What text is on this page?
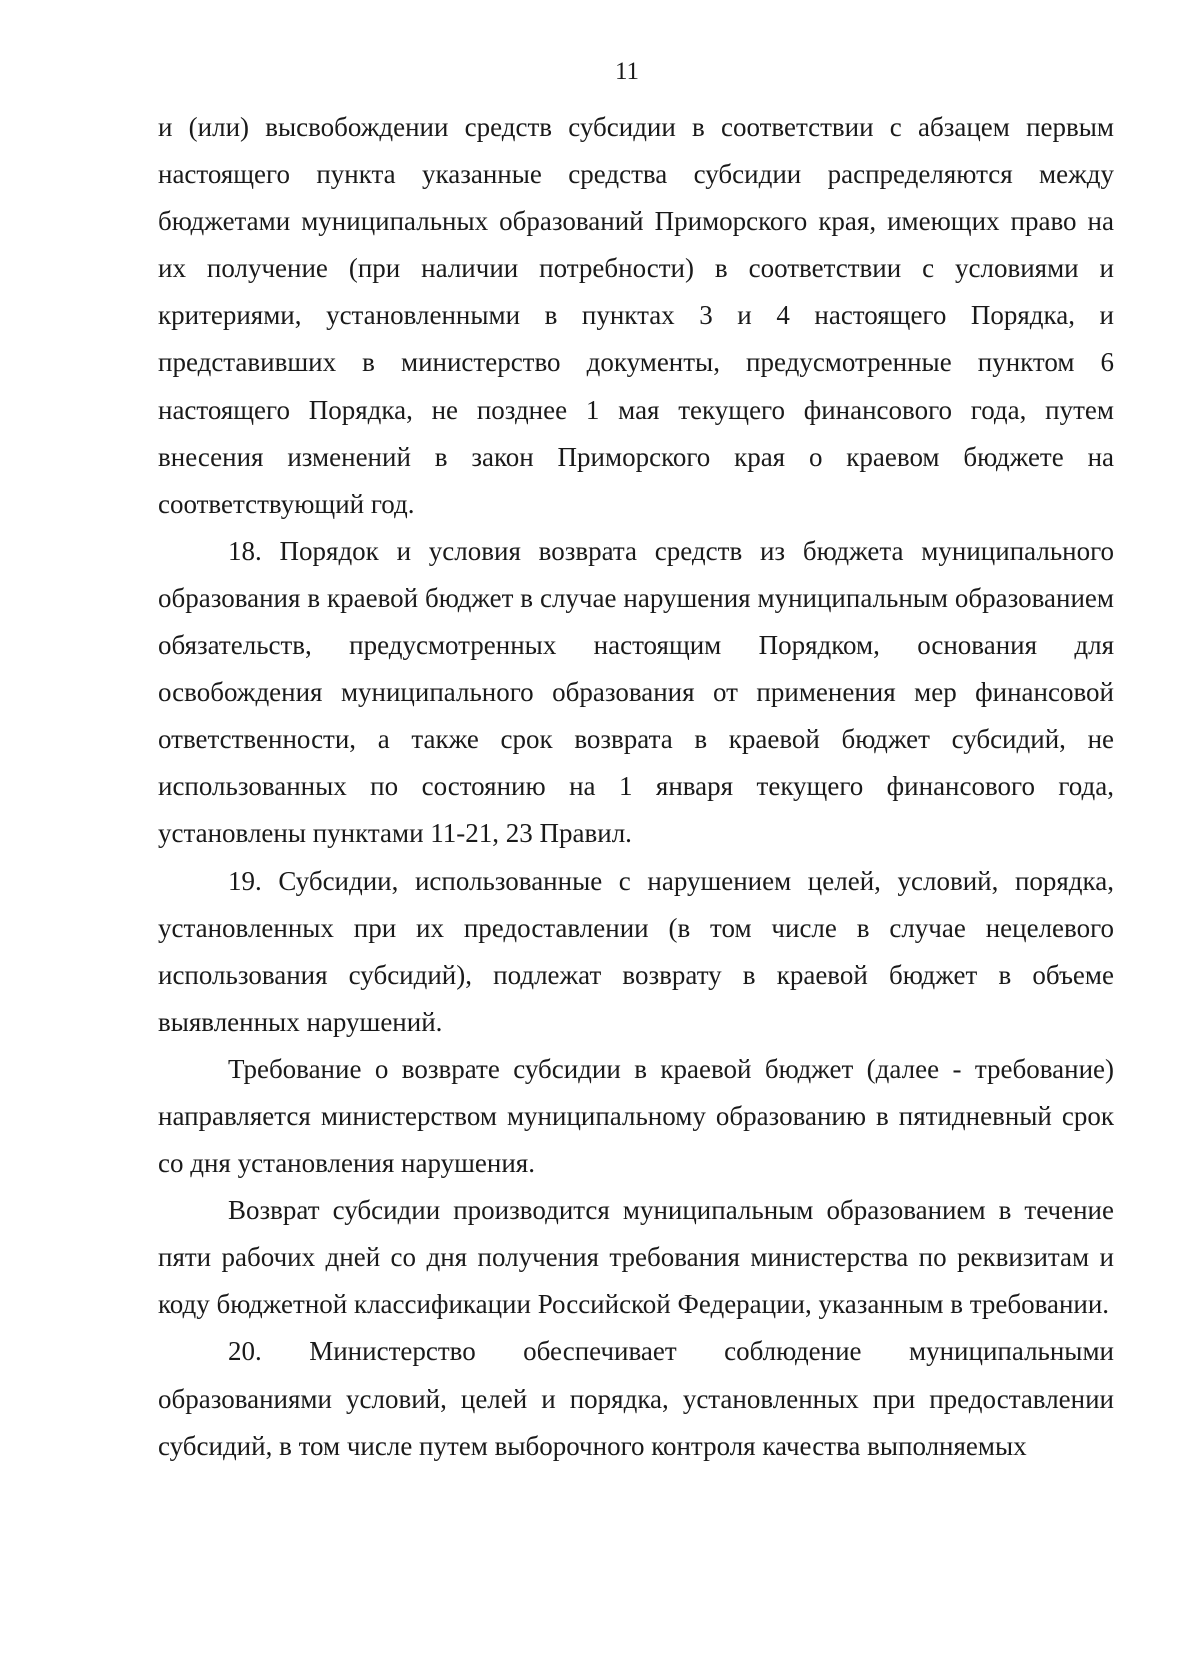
11

и (или) высвобождении средств субсидии в соответствии с абзацем первым настоящего пункта указанные средства субсидии распределяются между бюджетами муниципальных образований Приморского края, имеющих право на их получение (при наличии потребности) в соответствии с условиями и критериями, установленными в пунктах 3 и 4 настоящего Порядка, и представивших в министерство документы, предусмотренные пунктом 6 настоящего Порядка, не позднее 1 мая текущего финансового года, путем внесения изменений в закон Приморского края о краевом бюджете на соответствующий год.

18. Порядок и условия возврата средств из бюджета муниципального образования в краевой бюджет в случае нарушения муниципальным образованием обязательств, предусмотренных настоящим Порядком, основания для освобождения муниципального образования от применения мер финансовой ответственности, а также срок возврата в краевой бюджет субсидий, не использованных по состоянию на 1 января текущего финансового года, установлены пунктами 11-21, 23 Правил.

19. Субсидии, использованные с нарушением целей, условий, порядка, установленных при их предоставлении (в том числе в случае нецелевого использования субсидий), подлежат возврату в краевой бюджет в объеме выявленных нарушений.

Требование о возврате субсидии в краевой бюджет (далее - требование) направляется министерством муниципальному образованию в пятидневный срок со дня установления нарушения.

Возврат субсидии производится муниципальным образованием в течение пяти рабочих дней со дня получения требования министерства по реквизитам и коду бюджетной классификации Российской Федерации, указанным в требовании.

20. Министерство обеспечивает соблюдение муниципальными образованиями условий, целей и порядка, установленных при предоставлении субсидий, в том числе путем выборочного контроля качества выполняемых
